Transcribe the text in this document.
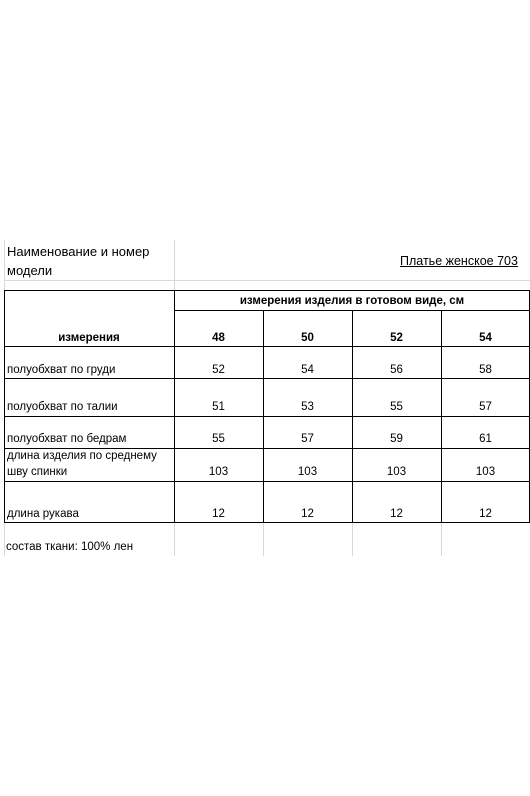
Наименование и номер
модели
Платье женское 703
измерения изделия в готовом виде, см
измерения	48	50	52	54
полуобхват по груди	52	54	56	58
полуобхват по талии	51	53	55	57
полуобхват по бедрам	55	57	59	61
длина изделия по среднему
шву спинки	103	103	103	103
длина рукава	12	12	12	12
состав ткани: 100% лен
